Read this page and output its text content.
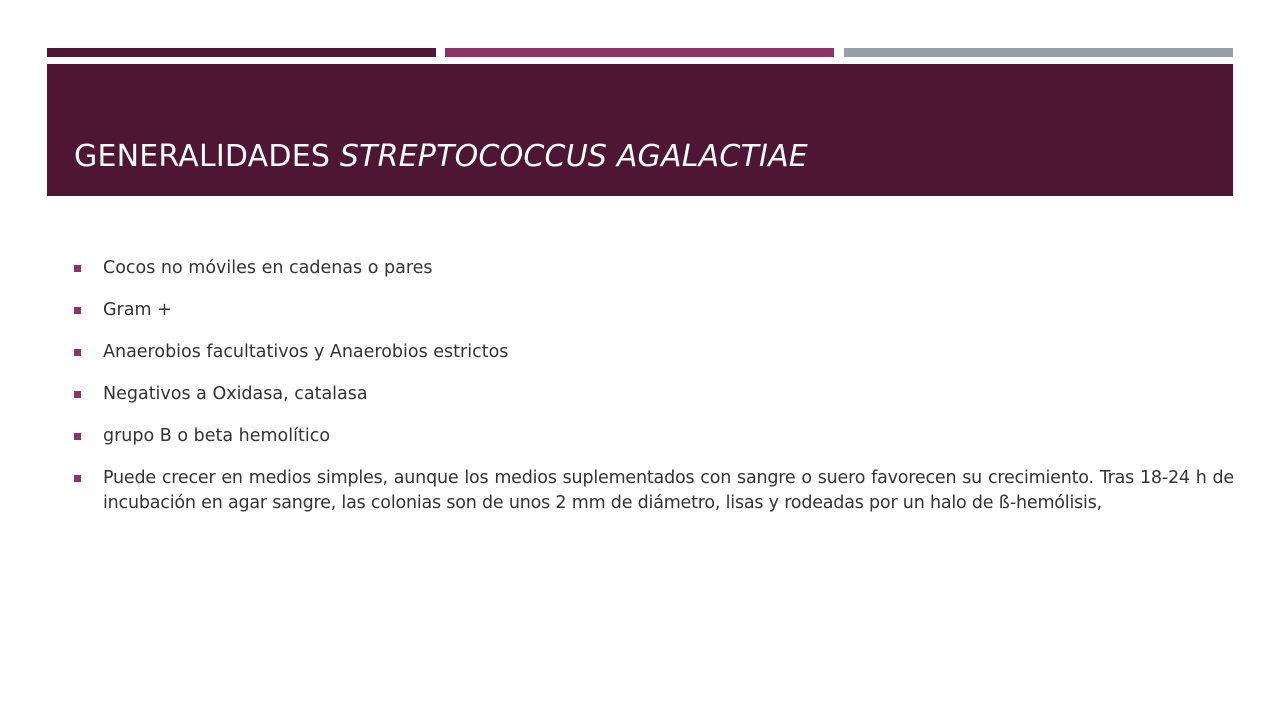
GENERALIDADES STREPTOCOCCUS AGALACTIAE
Cocos no móviles en cadenas o pares
Gram +
Anaerobios facultativos y Anaerobios estrictos
Negativos a Oxidasa, catalasa
grupo B o beta hemolítico
Puede crecer en medios simples, aunque los medios suplementados con sangre o suero favorecen su crecimiento. Tras 18-24 h de incubación en agar sangre, las colonias son de unos 2 mm de diámetro, lisas y rodeadas por un halo de ß-hemólisis,
